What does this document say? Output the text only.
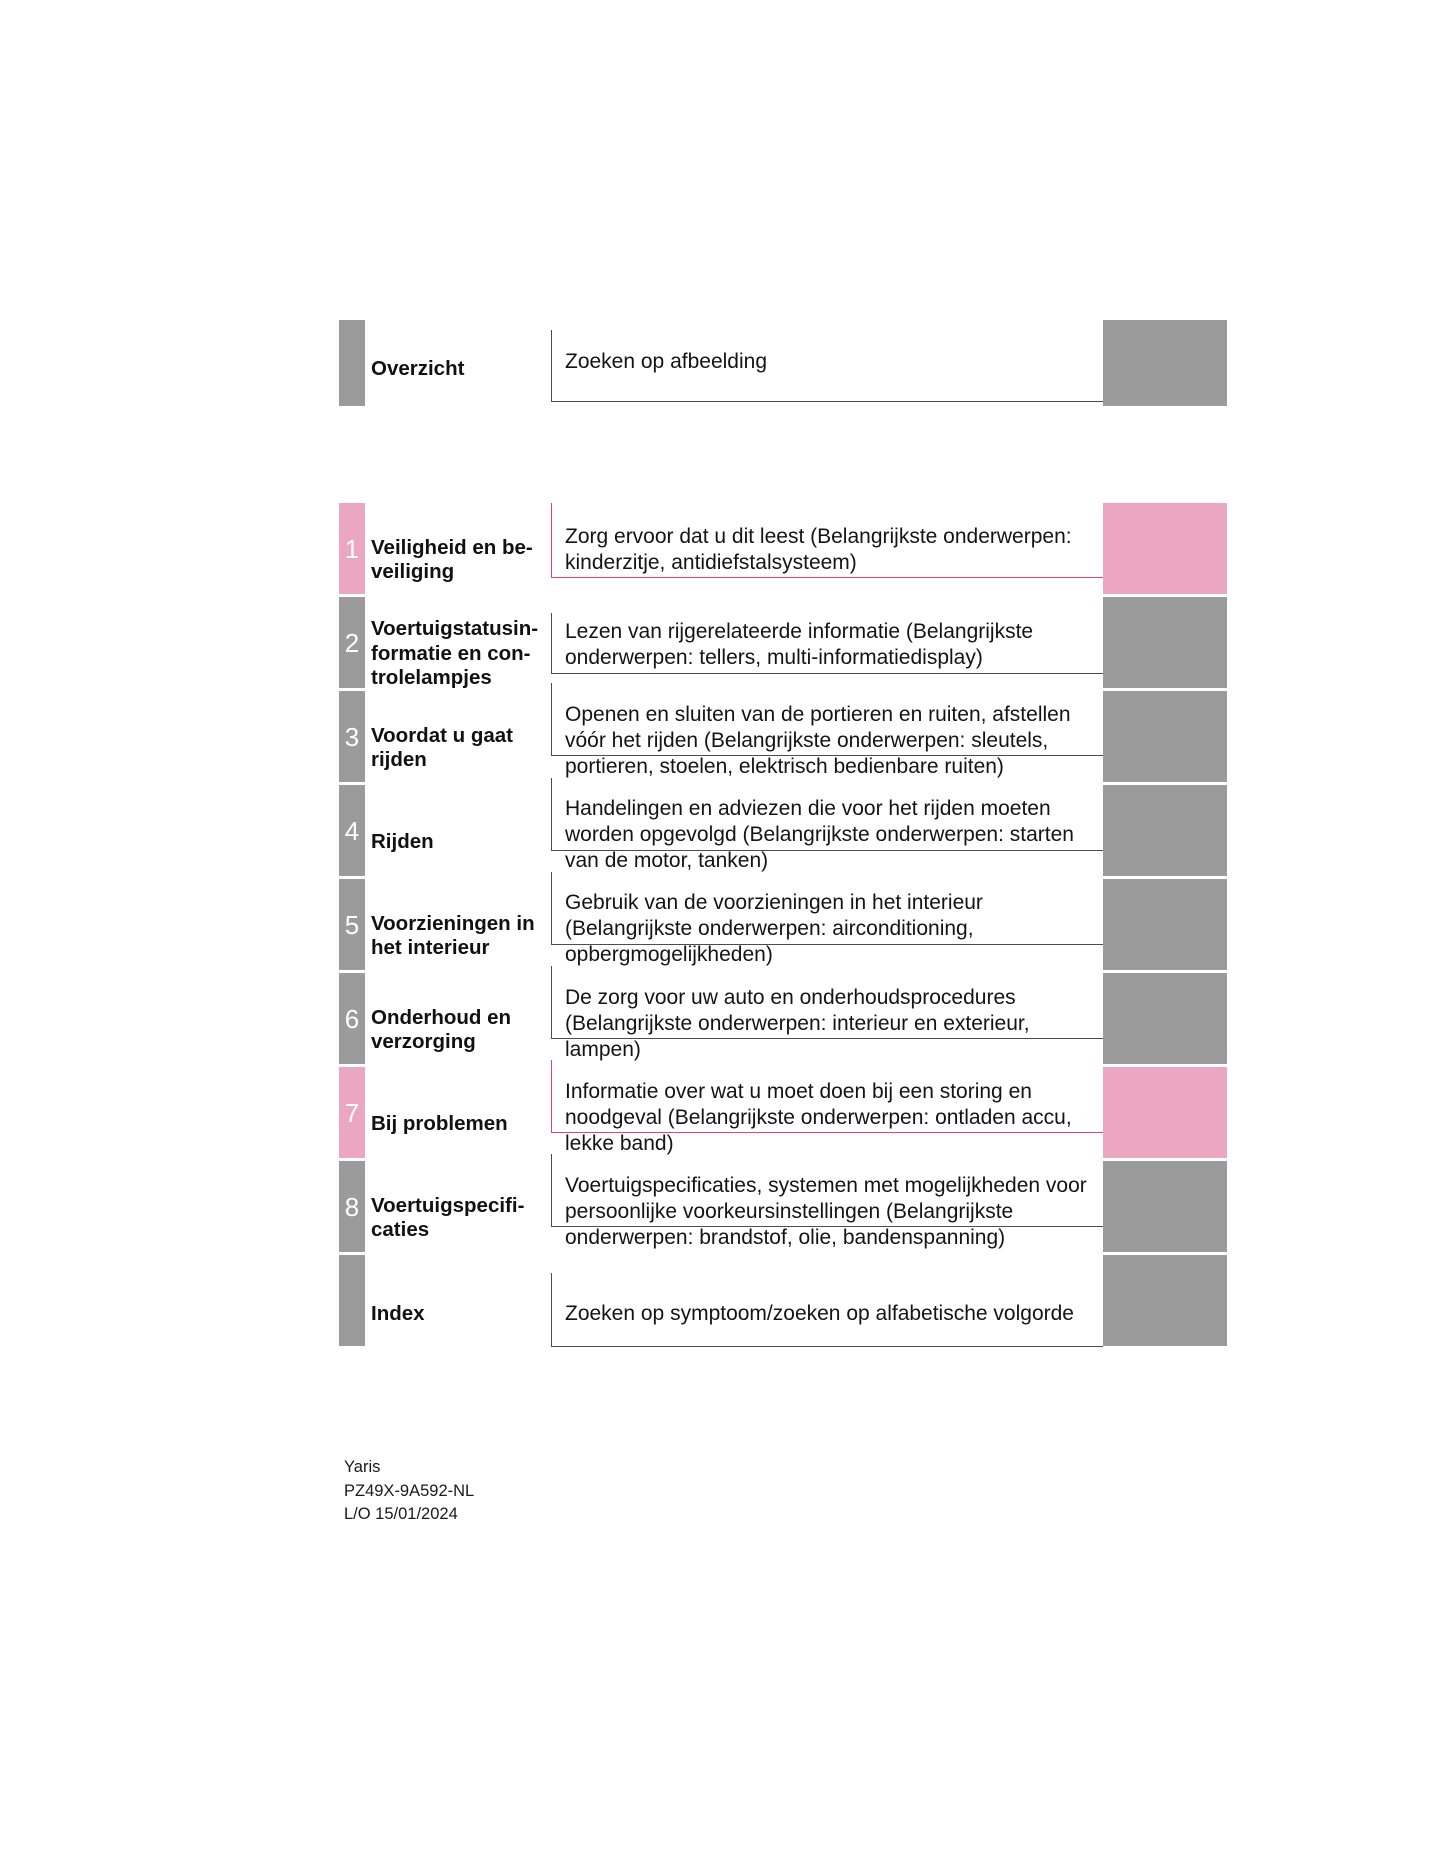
Overzicht	Zoeken op afbeelding
1 Veiligheid en be-
veiliging
Zorg ervoor dat u dit leest (Belangrijkste onderwerpen:
kinderzitje, antidiefstalsysteem)
2 Voertuigstatusin-
formatie en con-
trolelampjes
Lezen van rijgerelateerde informatie (Belangrijkste
onderwerpen: tellers, multi-informatiedisplay)
3 Voordat u gaat
rijden
Openen en sluiten van de portieren en ruiten, afstellen
vóór het rijden (Belangrijkste onderwerpen: sleutels,
portieren, stoelen, elektrisch bedienbare ruiten)
4 Rijden
Handelingen en adviezen die voor het rijden moeten
worden opgevolgd (Belangrijkste onderwerpen: starten
van de motor, tanken)
5 Voorzieningen in
het interieur
Gebruik van de voorzieningen in het interieur
(Belangrijkste onderwerpen: airconditioning,
opbergmogelijkheden)
6 Onderhoud en
verzorging
De zorg voor uw auto en onderhoudsprocedures
(Belangrijkste onderwerpen: interieur en exterieur,
lampen)
7 Bij problemen
Informatie over wat u moet doen bij een storing en
noodgeval (Belangrijkste onderwerpen: ontladen accu,
lekke band)
8 Voertuigspecifi-
caties
Voertuigspecificaties, systemen met mogelijkheden voor
persoonlijke voorkeursinstellingen (Belangrijkste
onderwerpen: brandstof, olie, bandenspanning)
Index	Zoeken op symptoom/zoeken op alfabetische volgorde
Yaris
PZ49X-9A592-NL
L/O 15/01/2024
